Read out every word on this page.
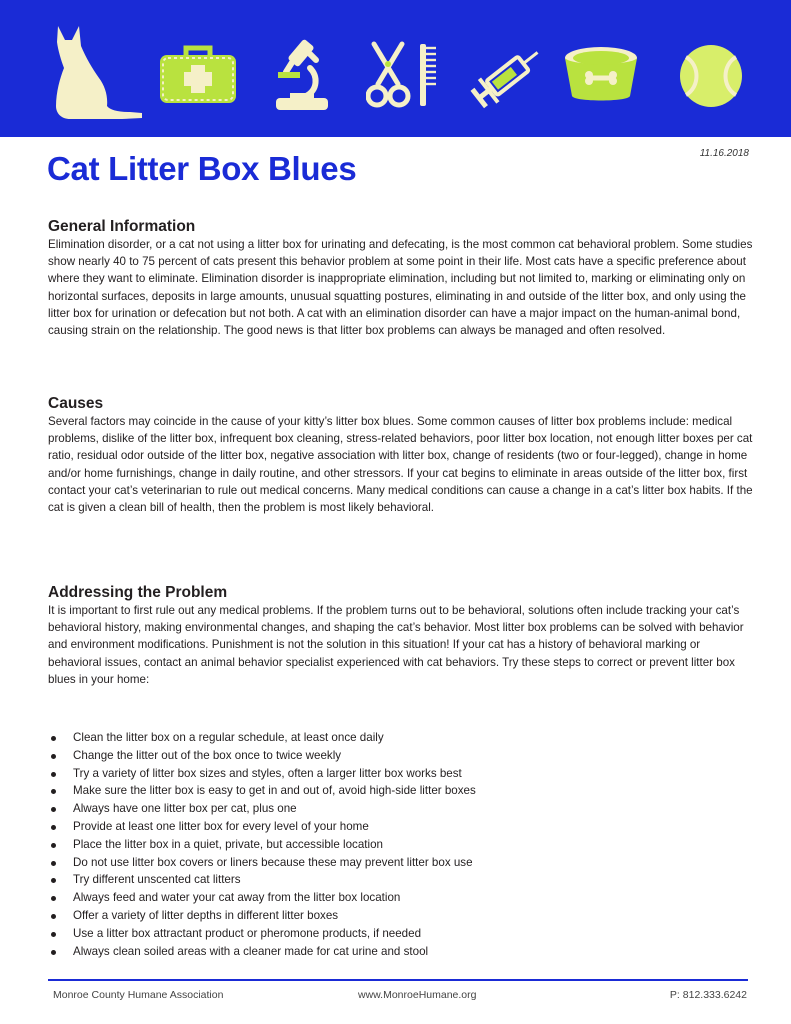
11.16.2018
Cat Litter Box Blues
General Information

Elimination disorder, or a cat not using a litter box for urinating and defecating, is the most common cat behavioral problem. Some studies show nearly 40 to 75 percent of cats present this behavior problem at some point in their life. Most cats have a specific preference about where they want to eliminate. Elimination disorder is inappropriate elimination, including but not limited to, marking or eliminating only on horizontal surfaces, deposits in large amounts, unusual squatting postures, eliminating in and outside of the litter box, and only using the litter box for urination or defecation but not both. A cat with an elimination disorder can have a major impact on the human-animal bond, causing strain on the relationship. The good news is that litter box problems can always be managed and often resolved.

Causes

Several factors may coincide in the cause of your kitty’s litter box blues. Some common causes of litter box problems include: medical problems, dislike of the litter box, infrequent box cleaning, stress-related behaviors, poor litter box location, not enough litter boxes per cat ratio, residual odor outside of the litter box, negative association with litter box, change of residents (two or four-legged), change in home and/or home furnishings, change in daily routine, and other stressors. If your cat begins to eliminate in areas outside of the litter box, first contact your cat’s veterinarian to rule out medical concerns. Many medical conditions can cause a change in a cat’s litter box habits. If the cat is given a clean bill of health, then the problem is most likely behavioral.

Addressing the Problem

It is important to first rule out any medical problems. If the problem turns out to be behavioral, solutions often include tracking your cat’s behavioral history, making environmental changes, and shaping the cat’s behavior. Most litter box problems can be solved with behavior and environment modifications. Punishment is not the solution in this situation! If your cat has a history of behavioral marking or behavioral issues, contact an animal behavior specialist experienced with cat behaviors. Try these steps to correct or prevent litter box blues in your home:

Clean the litter box on a regular schedule, at least once daily
Change the litter out of the box once to twice weekly
Try a variety of litter box sizes and styles, often a larger litter box works best
Make sure the litter box is easy to get in and out of, avoid high-side litter boxes
Always have one litter box per cat, plus one
Provide at least one litter box for every level of your home
Place the litter box in a quiet, private, but accessible location
Do not use litter box covers or liners because these may prevent litter box use
Try different unscented cat litters
Always feed and water your cat away from the litter box location
Offer a variety of litter depths in different litter boxes
Use a litter box attractant product or pheromone products, if needed
Always clean soiled areas with a cleaner made for cat urine and stool
Monroe County Humane Association	www.MonroeHumane.org	P: 812.333.6242
